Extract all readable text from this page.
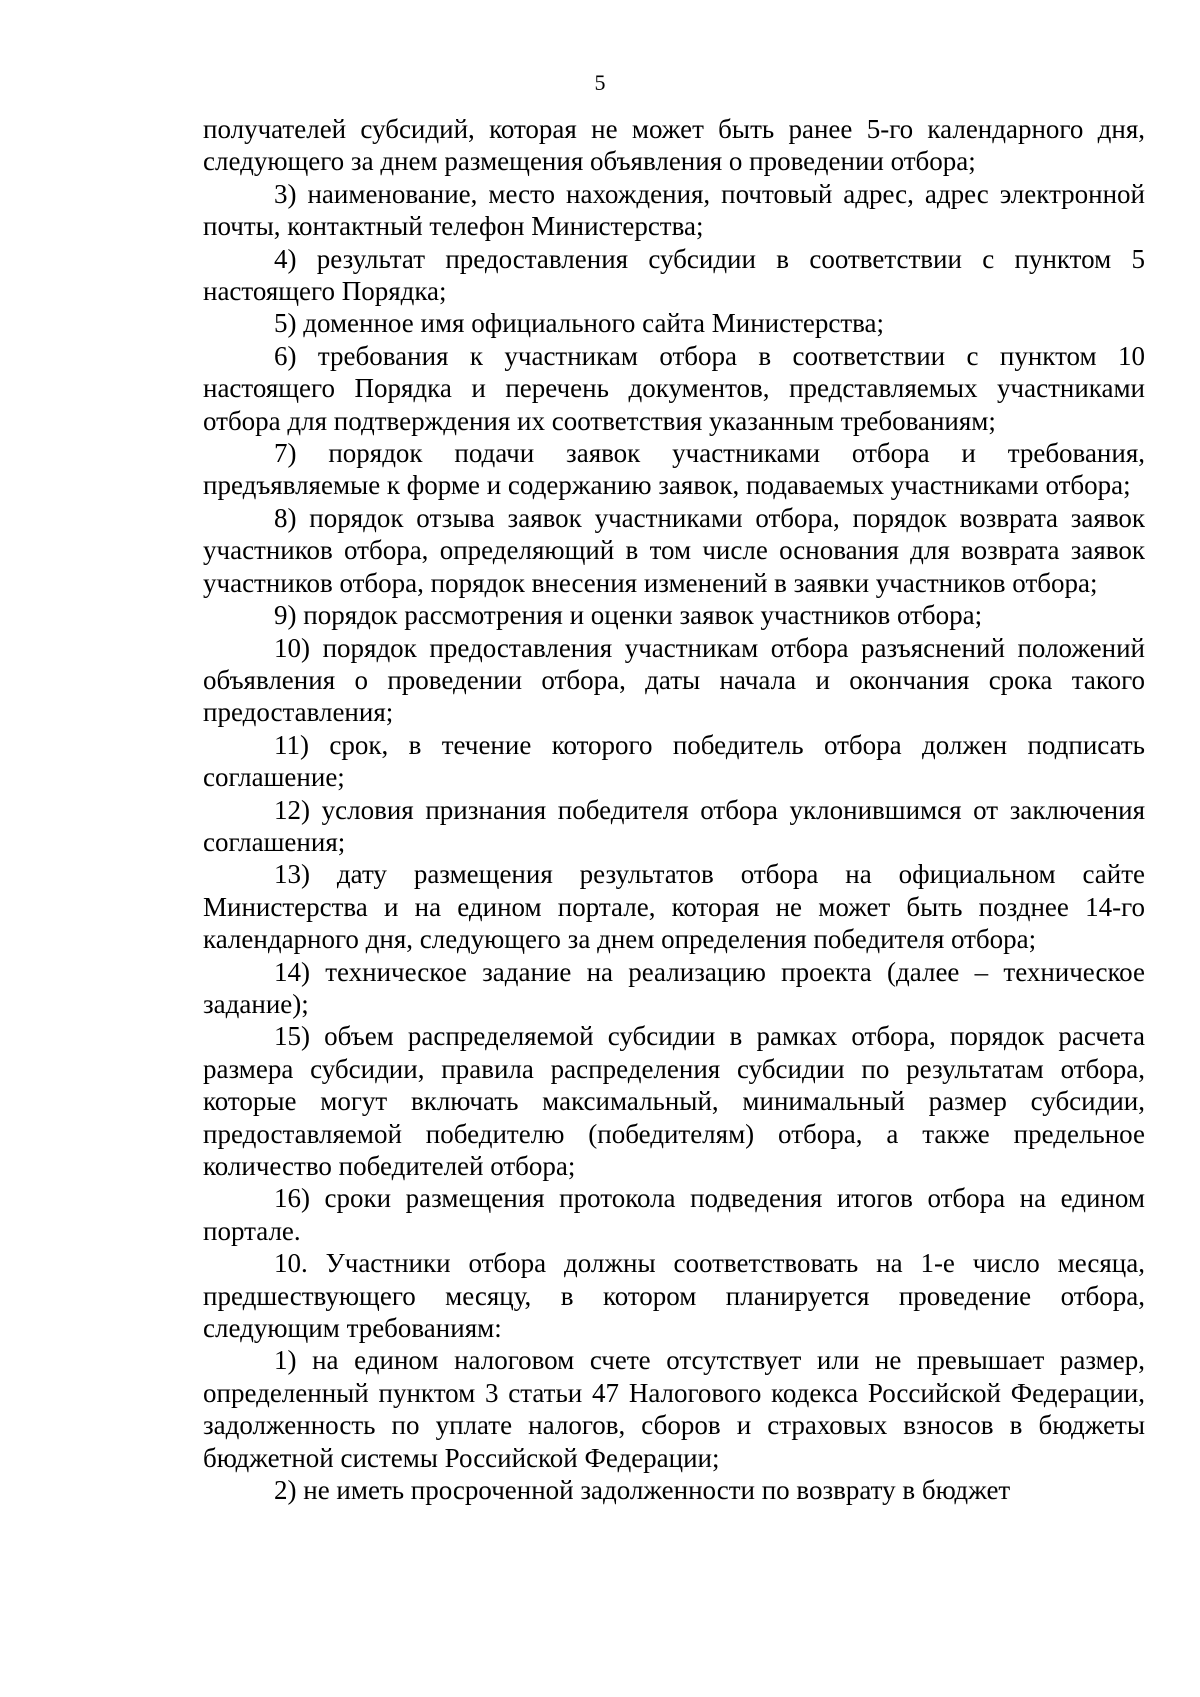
5

получателей субсидий, которая не может быть ранее 5-го календарного дня, следующего за днем размещения объявления о проведении отбора;

3) наименование, место нахождения, почтовый адрес, адрес электронной почты, контактный телефон Министерства;

4) результат предоставления субсидии в соответствии с пунктом 5 настоящего Порядка;

5) доменное имя официального сайта Министерства;

6) требования к участникам отбора в соответствии с пунктом 10 настоящего Порядка и перечень документов, представляемых участниками отбора для подтверждения их соответствия указанным требованиям;

7) порядок подачи заявок участниками отбора и требования, предъявляемые к форме и содержанию заявок, подаваемых участниками отбора;

8) порядок отзыва заявок участниками отбора, порядок возврата заявок участников отбора, определяющий в том числе основания для возврата заявок участников отбора, порядок внесения изменений в заявки участников отбора;

9) порядок рассмотрения и оценки заявок участников отбора;

10) порядок предоставления участникам отбора разъяснений положений объявления о проведении отбора, даты начала и окончания срока такого предоставления;

11) срок, в течение которого победитель отбора должен подписать соглашение;

12) условия признания победителя отбора уклонившимся от заключения соглашения;

13) дату размещения результатов отбора на официальном сайте Министерства и на едином портале, которая не может быть позднее 14-го календарного дня, следующего за днем определения победителя отбора;

14) техническое задание на реализацию проекта (далее – техническое задание);

15) объем распределяемой субсидии в рамках отбора, порядок расчета размера субсидии, правила распределения субсидии по результатам отбора, которые могут включать максимальный, минимальный размер субсидии, предоставляемой победителю (победителям) отбора, а также предельное количество победителей отбора;

16) сроки размещения протокола подведения итогов отбора на едином портале.

10. Участники отбора должны соответствовать на 1-е число месяца, предшествующего месяцу, в котором планируется проведение отбора, следующим требованиям:

1) на едином налоговом счете отсутствует или не превышает размер, определенный пунктом 3 статьи 47 Налогового кодекса Российской Федерации, задолженность по уплате налогов, сборов и страховых взносов в бюджеты бюджетной системы Российской Федерации;

2) не иметь просроченной задолженности по возврату в бюджет
